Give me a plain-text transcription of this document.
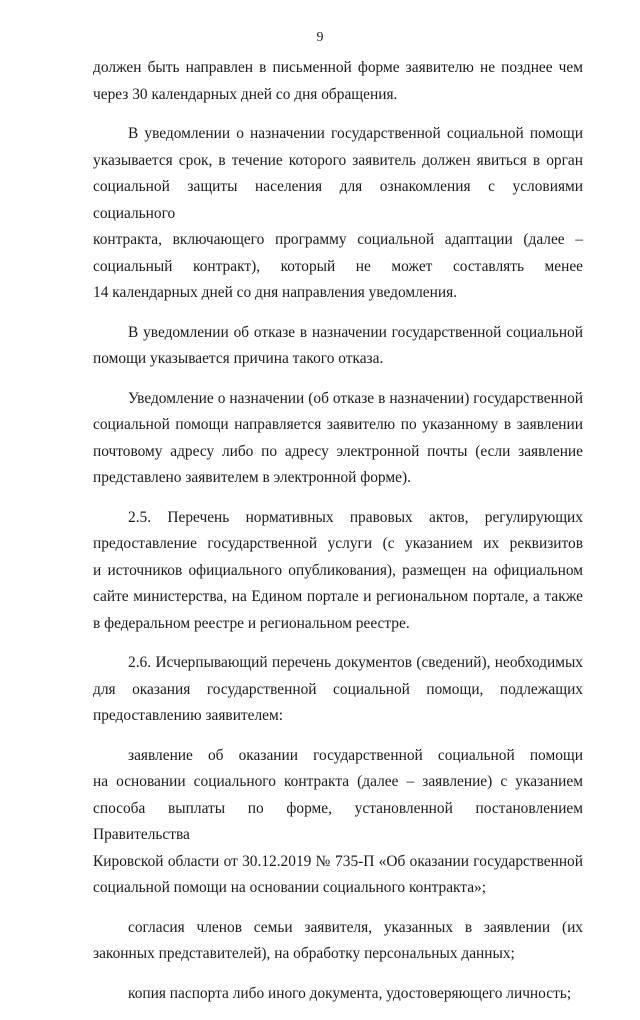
9

должен быть направлен в письменной форме заявителю не позднее чем
через 30 календарных дней со дня обращения.

В уведомлении о назначении государственной социальной помощи
указывается срок, в течение которого заявитель должен явиться в орган
социальной защиты населения для ознакомления с условиями социального
контракта, включающего программу социальной адаптации (далее –
социальный контракт), который не может составлять менее
14 календарных дней со дня направления уведомления.

В уведомлении об отказе в назначении государственной социальной
помощи указывается причина такого отказа.

Уведомление о назначении (об отказе в назначении) государственной
социальной помощи направляется заявителю по указанному в заявлении
почтовому адресу либо по адресу электронной почты (если заявление
представлено заявителем в электронной форме).

2.5. Перечень нормативных правовых актов, регулирующих
предоставление государственной услуги (с указанием их реквизитов
и источников официального опубликования), размещен на официальном
сайте министерства, на Едином портале и региональном портале, а также
в федеральном реестре и региональном реестре.

2.6. Исчерпывающий перечень документов (сведений), необходимых
для оказания государственной социальной помощи, подлежащих
предоставлению заявителем:

заявление об оказании государственной социальной помощи
на основании социального контракта (далее – заявление) с указанием
способа выплаты по форме, установленной постановлением Правительства
Кировской области от 30.12.2019 № 735-П «Об оказании государственной
социальной помощи на основании социального контракта»;

согласия членов семьи заявителя, указанных в заявлении (их
законных представителей), на обработку персональных данных;

копия паспорта либо иного документа, удостоверяющего личность;
